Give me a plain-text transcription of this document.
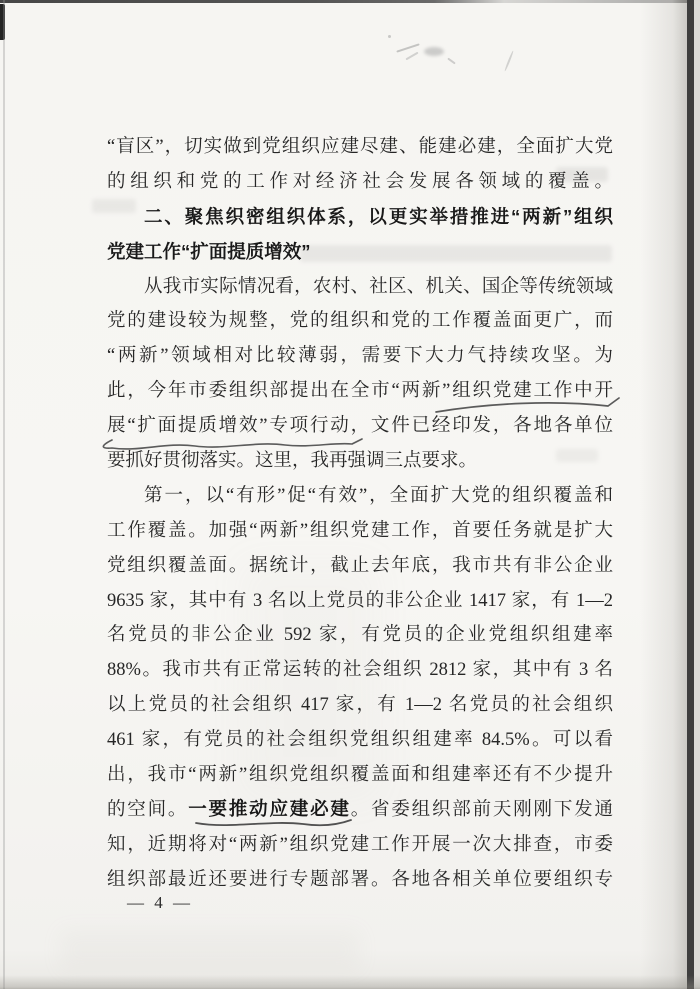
“盲区”，切实做到党组织应建尽建、能建必建，全面扩大党
的组织和党的工作对经济社会发展各领域的覆盖。
二、聚焦织密组织体系，以更实举措推进“两新”组织
党建工作“扩面提质增效”
从我市实际情况看，农村、社区、机关、国企等传统领域
党的建设较为规整，党的组织和党的工作覆盖面更广，而
“两新”领域相对比较薄弱，需要下大力气持续攻坚。为
此，今年市委组织部提出在全市“两新”组织党建工作中开
展“扩面提质增效”专项行动，文件已经印发，各地各单位
要抓好贯彻落实。这里，我再强调三点要求。
第一，以“有形”促“有效”，全面扩大党的组织覆盖和
工作覆盖。加强“两新”组织党建工作，首要任务就是扩大
党组织覆盖面。据统计，截止去年底，我市共有非公企业
9635 家，其中有 3 名以上党员的非公企业 1417 家，有 1—2
名党员的非公企业 592 家，有党员的企业党组织组建率
88%。我市共有正常运转的社会组织 2812 家，其中有 3 名
以上党员的社会组织 417 家，有 1—2 名党员的社会组织
461 家，有党员的社会组织党组织组建率 84.5%。可以看
出，我市“两新”组织党组织覆盖面和组建率还有不少提升
的空间。一要推动应建必建。省委组织部前天刚刚下发通
知，近期将对“两新”组织党建工作开展一次大排查，市委
组织部最近还要进行专题部署。各地各相关单位要组织专
— 4 —
